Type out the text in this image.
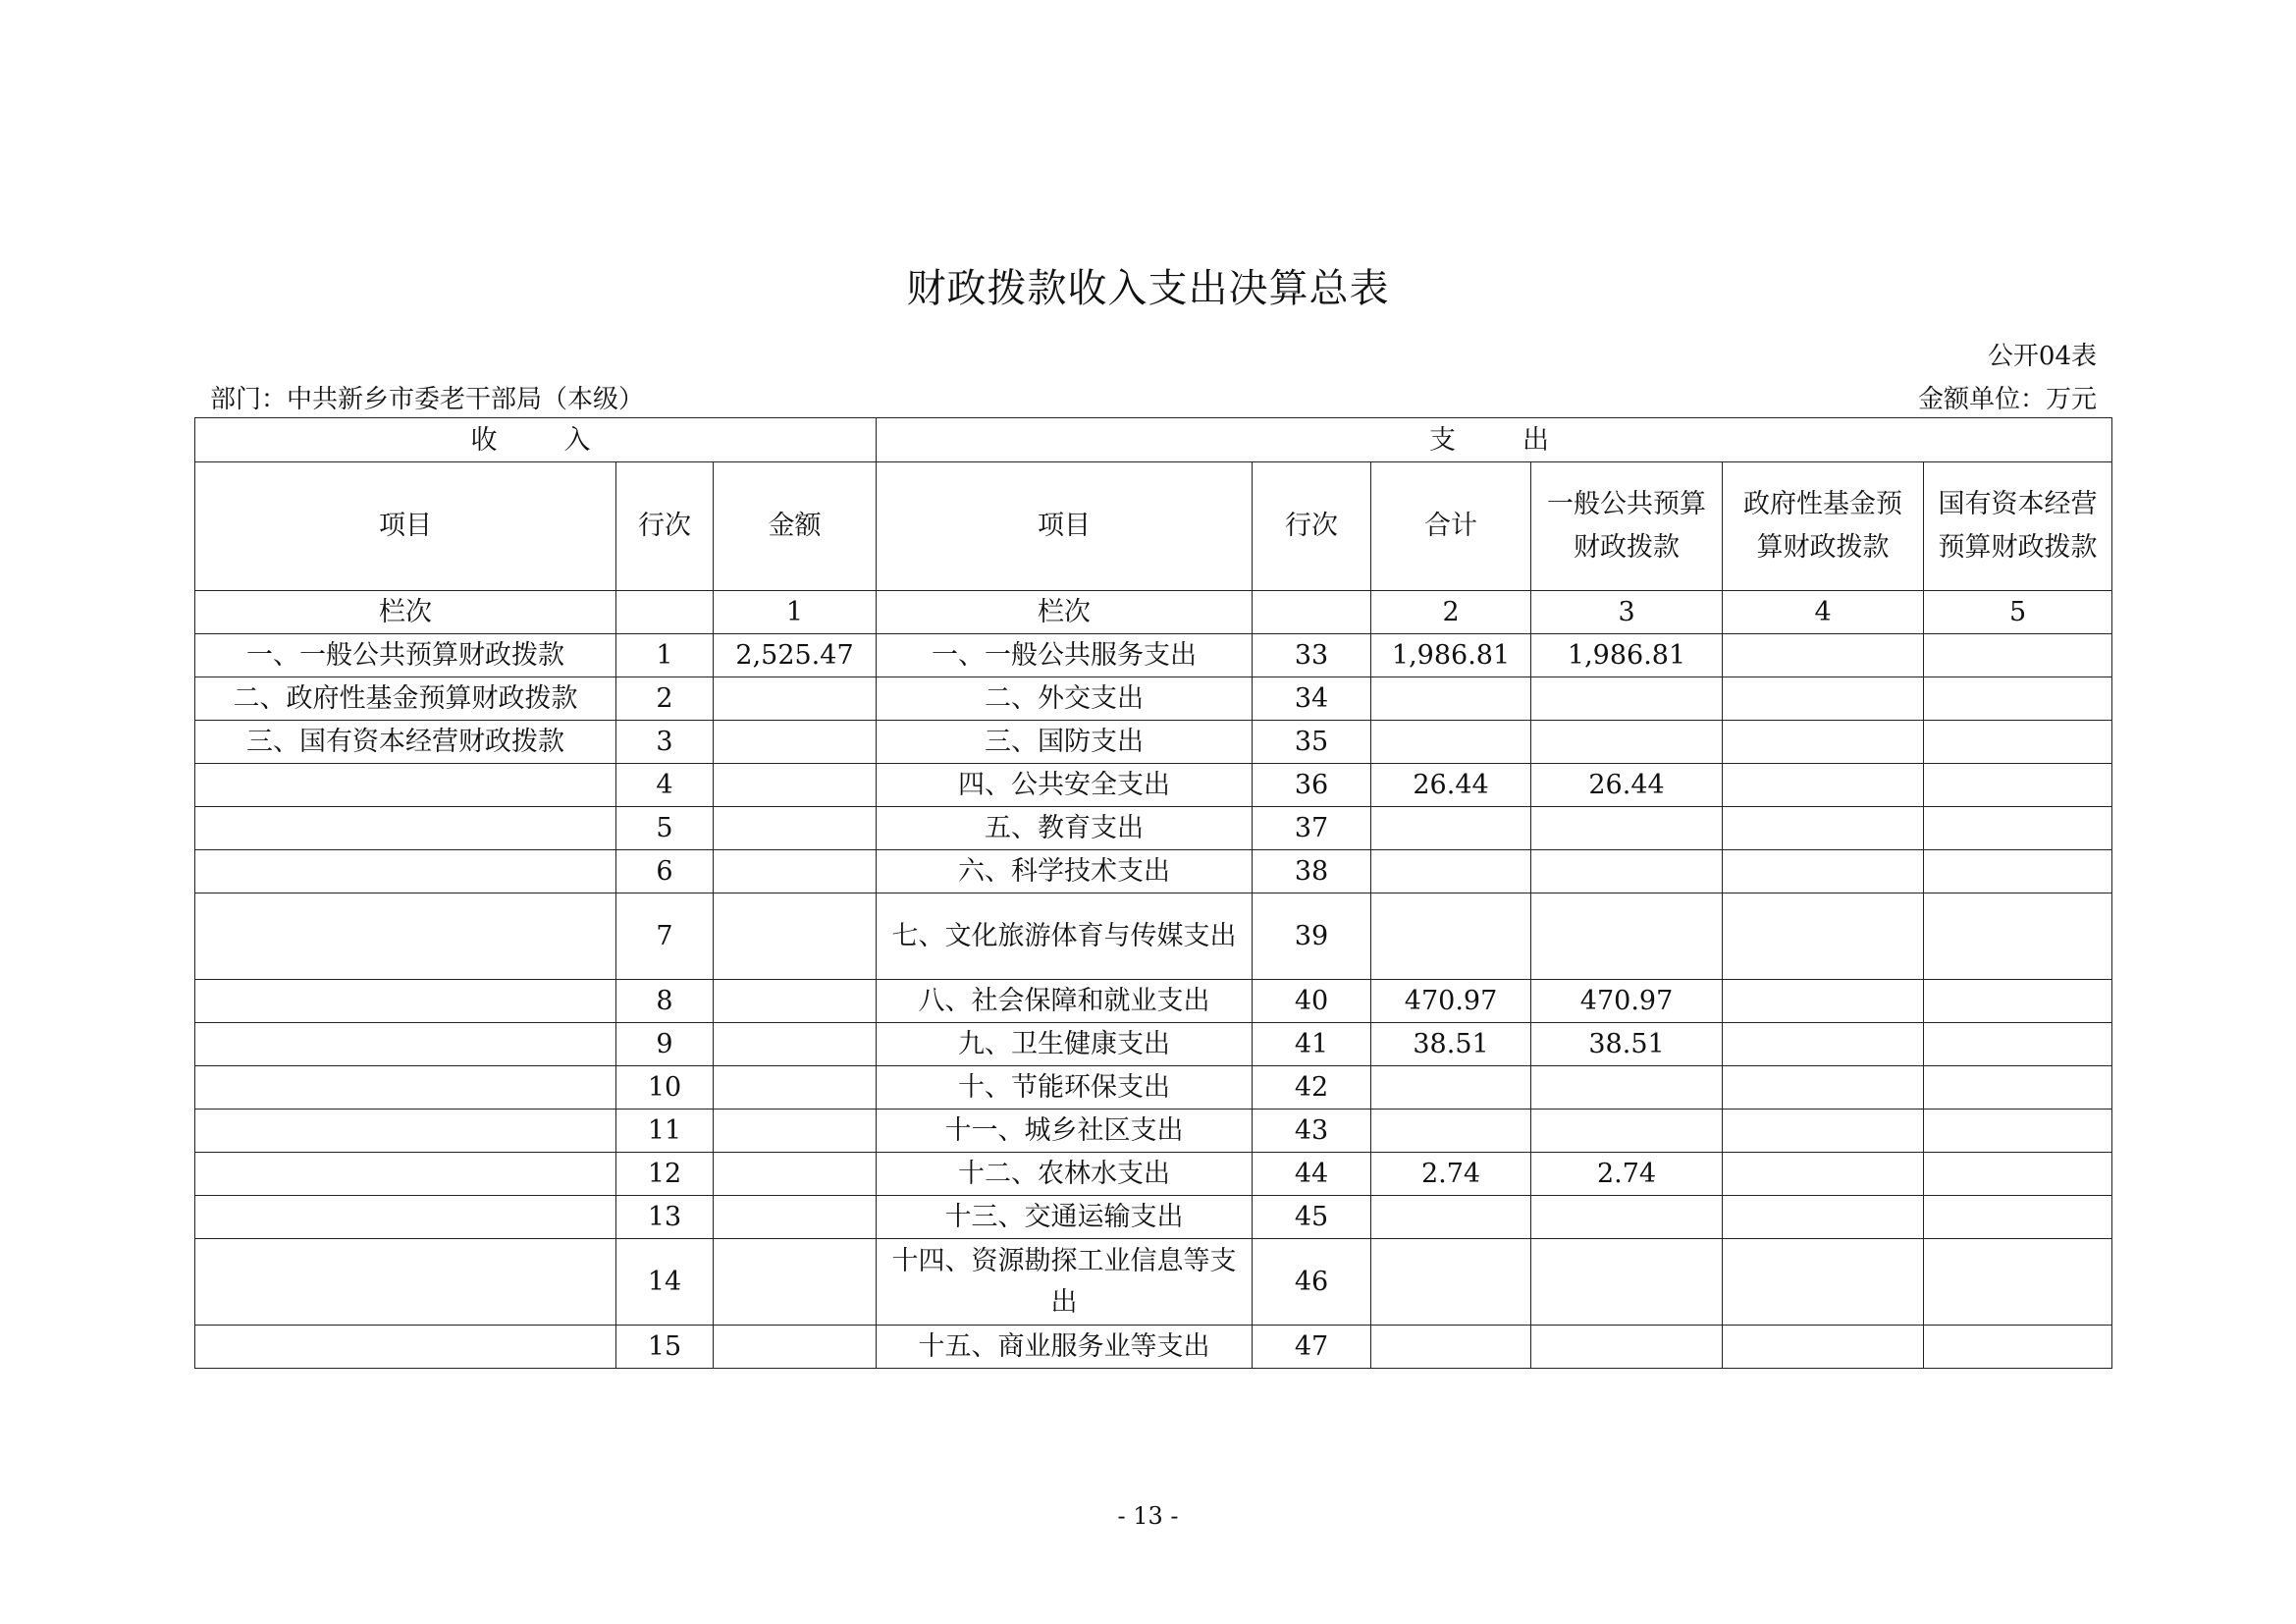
财政拨款收入支出决算总表
公开04表
部门：中共新乡市委老干部局（本级）	金额单位：万元
收入			支出					
项目	行次	金额	项目	行次	合计	一般公共预算财政拨款	政府性基金预算财政拨款	国有资本经营预算财政拨款
栏次		1	栏次		2	3	4	5
一、一般公共预算财政拨款	1	2,525.47	一、一般公共服务支出	33	1,986.81	1,986.81		
二、政府性基金预算财政拨款	2		二、外交支出	34				
三、国有资本经营财政拨款	3		三、国防支出	35				
	4		四、公共安全支出	36	26.44	26.44		
	5		五、教育支出	37				
	6		六、科学技术支出	38				
	7		七、文化旅游体育与传媒支出	39				
	8		八、社会保障和就业支出	40	470.97	470.97		
	9		九、卫生健康支出	41	38.51	38.51		
	10		十、节能环保支出	42				
	11		十一、城乡社区支出	43				
	12		十二、农林水支出	44	2.74	2.74		
	13		十三、交通运输支出	45				
	14		十四、资源勘探工业信息等支出	46				
	15		十五、商业服务业等支出	47				
- 13 -
